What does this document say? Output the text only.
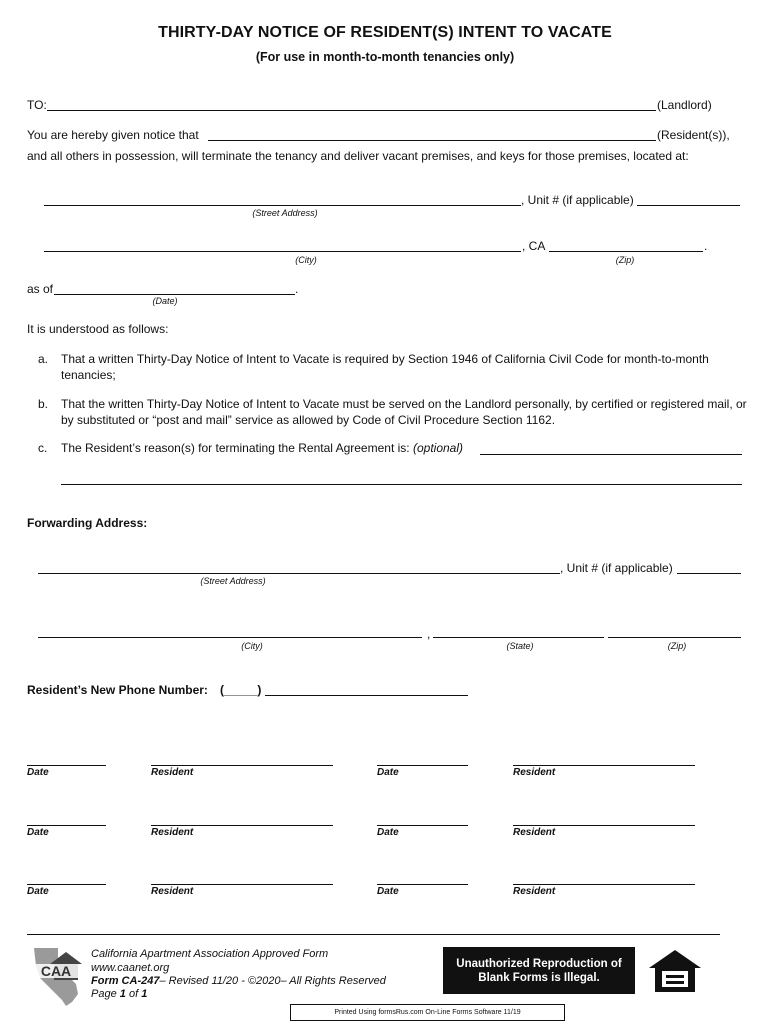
THIRTY-DAY NOTICE OF RESIDENT(S) INTENT TO VACATE
(For use in month-to-month tenancies only)
TO:	(Landlord)
You are hereby given notice that	(Resident(s)),
and all others in possession, will terminate the tenancy and deliver vacant premises, and keys for those premises, located at:
, Unit # (if applicable)
(Street Address)
, CA	.
(City)	(Zip)
as of	.
(Date)
It is understood as follows:
a. That a written Thirty-Day Notice of Intent to Vacate is required by Section 1946 of California Civil Code for month-to-month tenancies;
b. That the written Thirty-Day Notice of Intent to Vacate must be served on the Landlord personally, by certified or registered mail, or by substituted or “post and mail” service as allowed by Code of Civil Procedure Section 1162.
c. The Resident’s reason(s) for terminating the Rental Agreement is: (optional)
Forwarding Address:
, Unit # (if applicable)
(Street Address)
,
(City)	(State)	(Zip)
Resident’s New Phone Number: (_____)
Date	Resident	Date	Resident
Date	Resident	Date	Resident
Date	Resident	Date	Resident
CAA
California Apartment Association Approved Form
www.caanet.org
Form CA-247– Revised 11/20 - ©2020– All Rights Reserved
Page 1 of 1
Unauthorized Reproduction of
Blank Forms is Illegal.
Printed Using formsRus.com On-Line Forms Software 11/19
